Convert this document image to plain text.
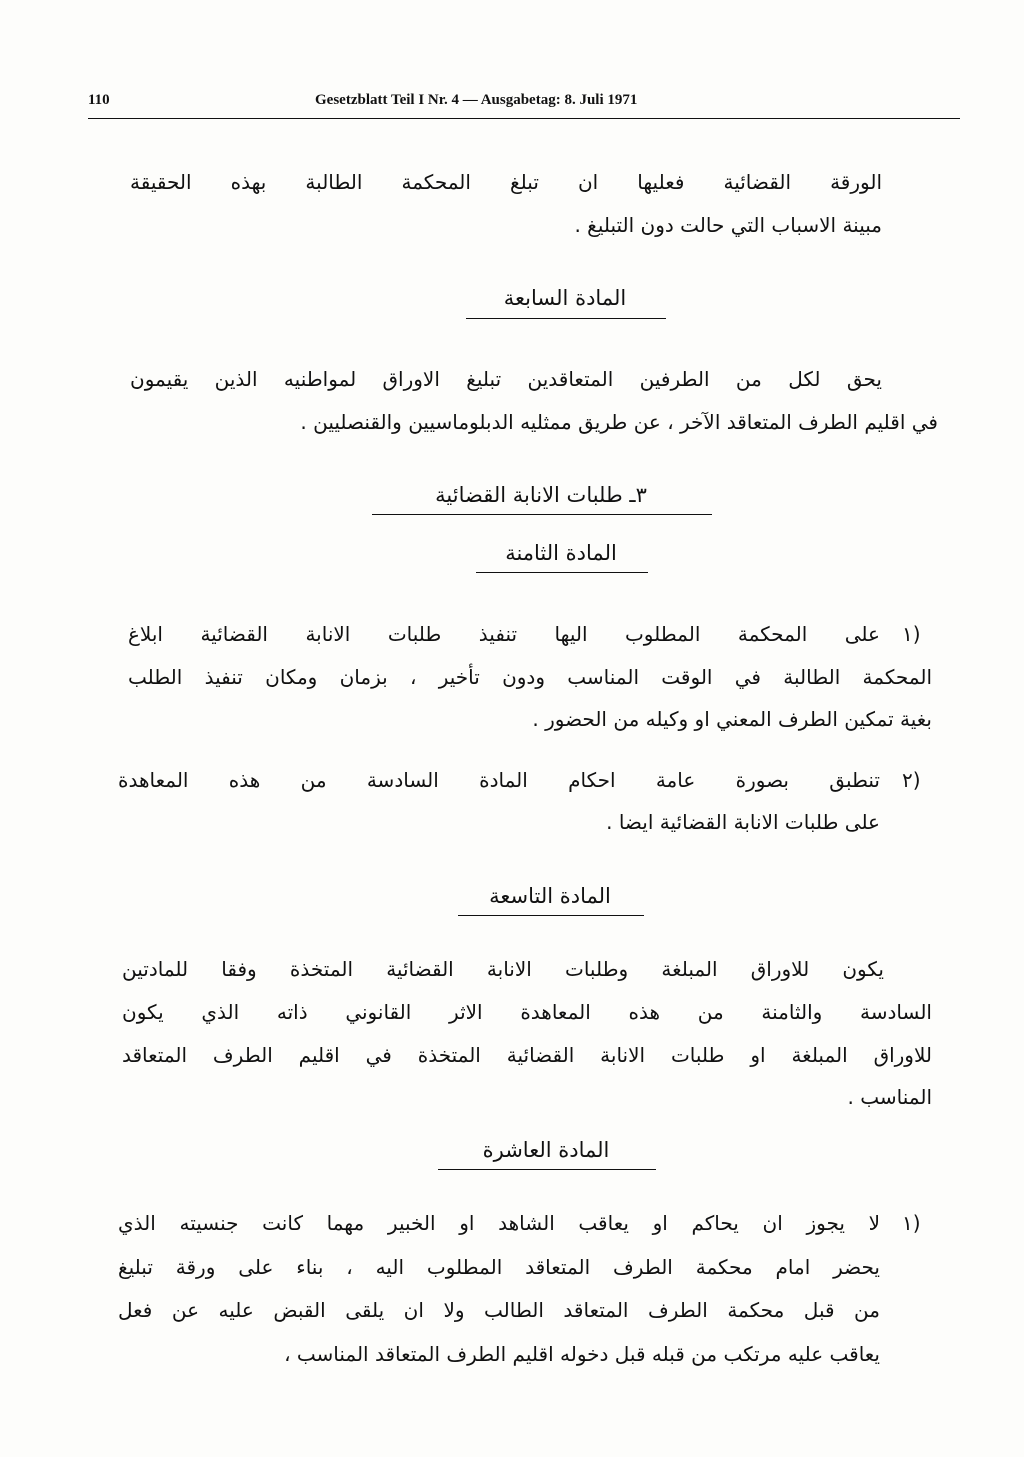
110	Gesetzblatt Teil I Nr. 4 — Ausgabetag: 8. Juli 1971
الورقة القضائية فعليها ان تبلغ المحكمة الطالبة بهذه الحقيقة
مبينة الاسباب التي حالت دون التبليغ .
المادة السابعة
يحق لكل من الطرفين المتعاقدين تبليغ الاوراق لمواطنيه الذين يقيمون
في اقليم الطرف المتعاقد الآخر ، عن طريق ممثليه الدبلوماسيين والقنصليين .
٣ـ طلبات الانابة القضائية
المادة الثامنة
١)
على المحكمة المطلوب اليها تنفيذ طلبات الانابة القضائية ابلاغ
المحكمة الطالبة في الوقت المناسب ودون تأخير ، بزمان ومكان تنفيذ الطلب
بغية تمكين الطرف المعني او وكيله من الحضور .
٢)
تنطبق بصورة عامة احكام المادة السادسة من هذه المعاهدة
على طلبات الانابة القضائية ايضا .
المادة التاسعة
يكون للاوراق المبلغة وطلبات الانابة القضائية المتخذة وفقا للمادتين
السادسة والثامنة من هذه المعاهدة الاثر القانوني ذاته الذي يكون
للاوراق المبلغة او طلبات الانابة القضائية المتخذة في اقليم الطرف المتعاقد
المناسب .
المادة العاشرة
١)
لا يجوز ان يحاكم او يعاقب الشاهد او الخبير مهما كانت جنسيته الذي
يحضر امام محكمة الطرف المتعاقد المطلوب اليه ، بناء على ورقة تبليغ
من قبل محكمة الطرف المتعاقد الطالب ولا ان يلقى القبض عليه عن فعل
يعاقب عليه مرتكب من قبله قبل دخوله اقليم الطرف المتعاقد المناسب ،
